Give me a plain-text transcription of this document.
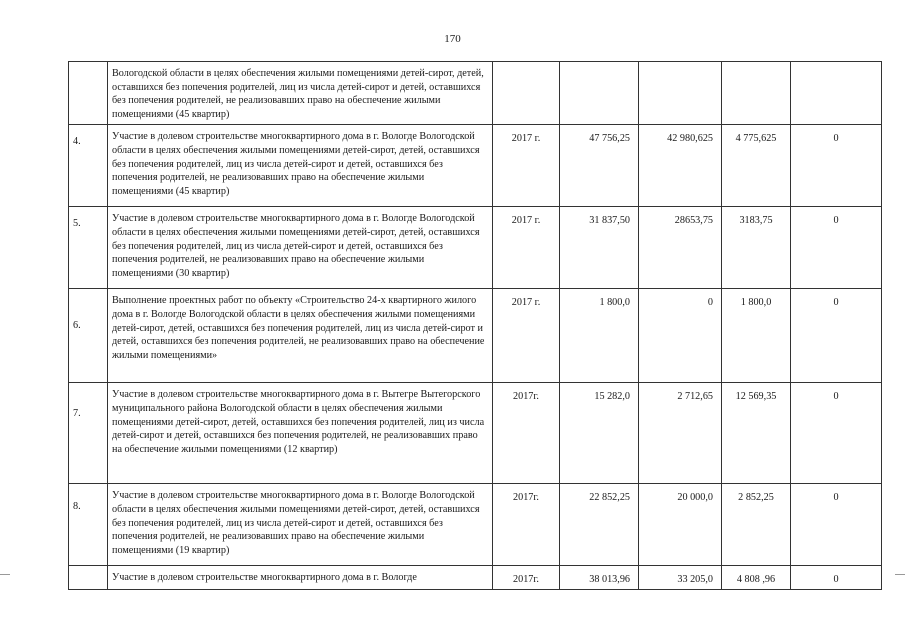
170
	Вологодской области в целях обеспечения жилыми помещениями детей-сирот, детей, оставшихся без попечения родителей, лиц из числа детей-сирот и детей, оставшихся без попечения родителей, не реализовавших право на обеспечение жилыми помещениями (45 квартир)					

4.	Участие в долевом строительстве многоквартирного дома в г. Вологде Вологодской области в целях обеспечения жилыми помещениями детей-сирот, детей, оставшихся без попечения родителей, лиц из числа детей-сирот и детей, оставшихся без попечения родителей, не реализовавших право на обеспечение жилыми помещениями (45 квартир)	2017 г.	47 756,25	42 980,625	4 775,625	0

5.	Участие в долевом строительстве многоквартирного дома в г. Вологде Вологодской области в целях обеспечения жилыми помещениями детей-сирот, детей, оставшихся без попечения родителей, лиц из числа детей-сирот и детей, оставшихся без попечения родителей, не реализовавших право на обеспечение жилыми помещениями (30 квартир)	2017 г.	31 837,50	28653,75	3183,75	0

6.	Выполнение проектных работ по объекту «Строительство 24-х квартирного жилого дома в г. Вологде Вологодской области в целях обеспечения жилыми помещениями детей-сирот, детей, оставшихся без попечения родителей, лиц из числа детей-сирот и детей, оставшихся без попечения родителей, не реализовавших право на обеспечение жилыми помещениями»	2017 г.	1 800,0	0	1 800,0	0

7.	Участие в долевом строительстве многоквартирного дома в г. Вытегре Вытегорского муниципального района Вологодской области в целях обеспечения жилыми помещениями детей-сирот, детей, оставшихся без попечения родителей, лиц из числа детей-сирот и детей, оставшихся без попечения родителей, не реализовавших право на обеспечение жилыми помещениями (12 квартир)	2017г.	15 282,0	2 712,65	12 569,35	0

8.	Участие в долевом строительстве многоквартирного дома в г. Вологде Вологодской области в целях обеспечения жилыми помещениями детей-сирот, детей, оставшихся без попечения родителей, лиц из числа детей-сирот и детей, оставшихся без попечения родителей, не реализовавших право на обеспечение жилыми помещениями (19 квартир)	2017г.	22 852,25	20 000,0	2 852,25	0
	Участие в долевом строительстве многоквартирного дома в г. Вологде	2017г.	38 013,96	33 205,0	4 808 ,96	0
